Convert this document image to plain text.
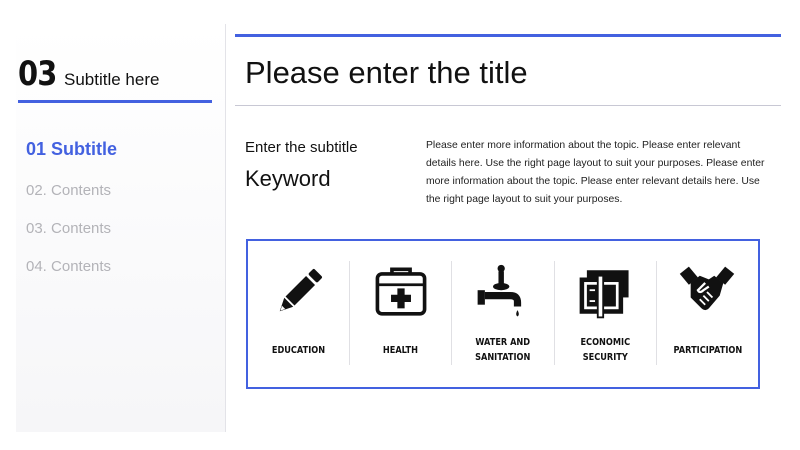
03 Subtitle here
01 Subtitle
02. Contents
03. Contents
04. Contents
Please enter the title
Enter the subtitle
Keyword
Please enter more information about the topic. Please enter relevant details here. Use the right page layout to suit your purposes. Please enter more information about the topic. Please enter relevant details here. Use the right page layout to suit your purposes.
EDUCATION	HEALTH
WATER AND
SANITATION
ECONOMIC
SECURITY
PARTICIPATION
